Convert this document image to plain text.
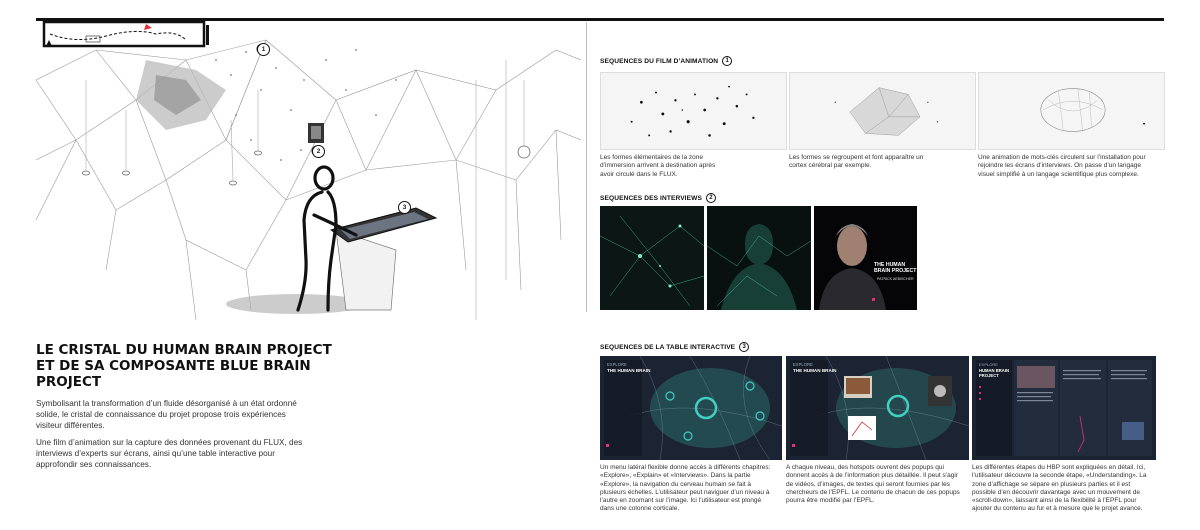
1
2
3
LE CRISTAL DU HUMAN BRAIN PROJECT ET DE SA COMPOSANTE BLUE BRAIN PROJECT

Symbolisant la transformation d’un fluide désorganisé à un état ordonné solide, le cristal de connaissance du projet propose trois expériences visiteur différentes.

Une film d’animation sur la capture des données provenant du FLUX, des interviews d’experts sur écrans, ainsi qu’une table interactive pour approfondir ses connaissances.

SEQUENCES DU FILM D’ANIMATION	1

Les formes élémentaires de la zone d’immersion arrivent à destination après avoir circulé dans le FLUX.

Les formes se regroupent et font apparaître un cortex cérébral par exemple.

Une animation de mots-clés circulent sur l’installation pour rejoindre les écrans d’interviews. On passe d’un langage visuel simplifié à un langage scientifique plus complexe.

SEQUENCES DES INTERVIEWS	2
THE HUMAN
BRAIN PROJECT
PATRICK AEBISCHER
SEQUENCES DE LA TABLE INTERACTIVE	3
EXPLORE
THE HUMAN BRAIN
EXPLORE
THE HUMAN BRAIN
EXPLORE
HUMAN BRAIN
PROJECT

Un menu latéral flexible donne accès à différents chapitres: «Explore», «Explain» et «Interviews». Dans la partie «Explore», la navigation du cerveau humain se fait à plusieurs échelles. L’utilisateur peut naviguer d’un niveau à l’autre en zoomant sur l’image. Ici l’utilisateur est plongé dans une colonne corticale.

A chaque niveau, des hotspots ouvrent des popups qui donnent accès à de l’information plus détaillée. Il peut s’agir de vidéos, d’images, de textes qui seront fournies par les chercheurs de l’EPFL. Le contenu de chacun de ces popups pourra être modifié par l’EPFL.

Les différentes étapes du HBP sont expliquées en détail. Ici, l’utilisateur découvre la seconde étape, «Understanding». La zone d’affichage se sépare en plusieurs parties et il est possible d’en découvrir davantage avec un mouvement de «scroll-down», laissant ainsi de la flexibilité à l’EPFL pour ajouter du contenu au fur et à mesure que le projet avance.
